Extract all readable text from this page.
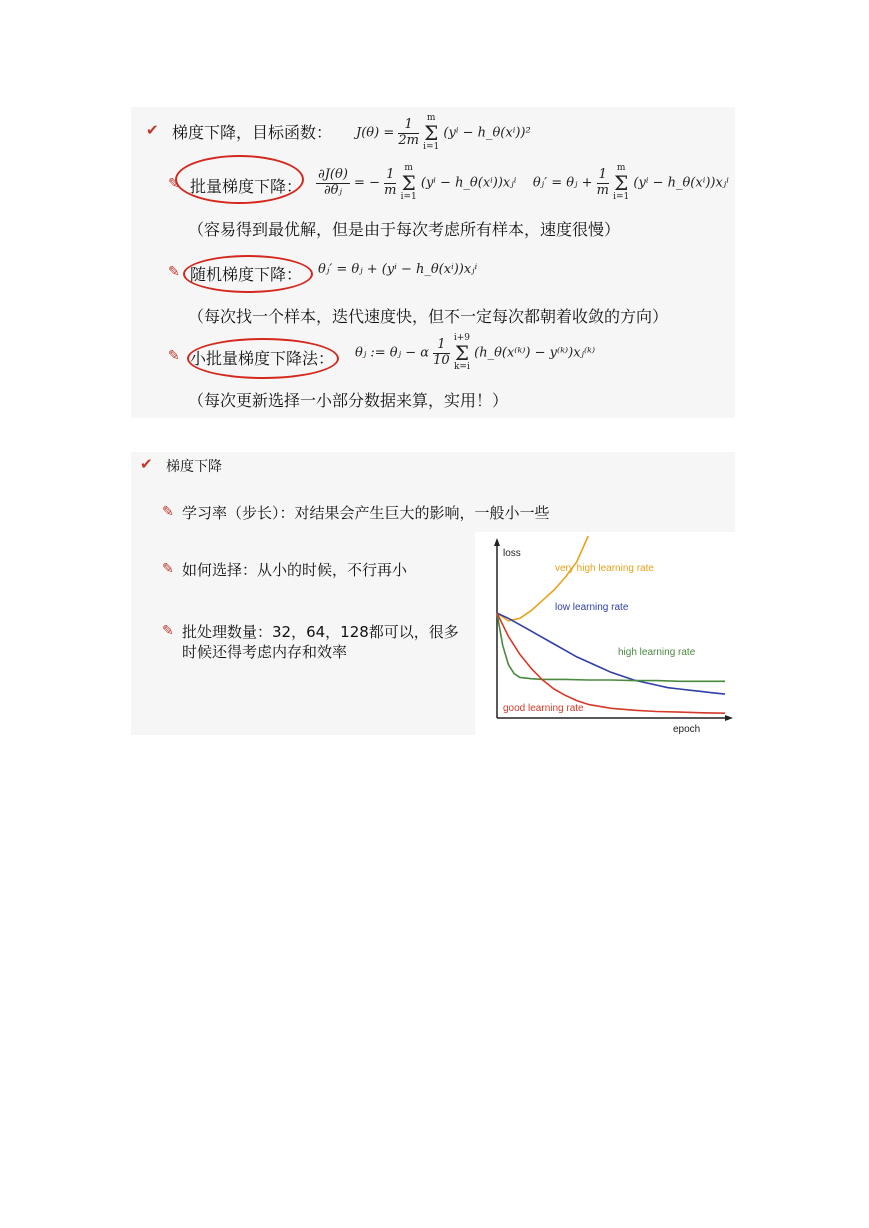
✔ 梯度下降，目标函数： $J(\theta) = \frac{1}{2m}$

m
Σ
i=1
(yⁱ − h_θ(xⁱ))²
✎ 批量梯度下降： $\frac{\partial J(\theta)}{\text{∂θⱼ}}$ = − $\frac{1}{m}$

m
Σ
i=1
(yⁱ − h_θ(xⁱ))xⱼⁱ θⱼ′ = θⱼ + $\frac{1}{m}$

m
Σ
i=1
(yⁱ − h_θ(xⁱ))xⱼⁱ
（容易得到最优解，但是由于每次考虑所有样本，速度很慢）
✎ 随机梯度下降： θⱼ′ = θⱼ + (yⁱ − h_θ(xⁱ))xⱼⁱ
（每次找一个样本，迭代速度快，但不一定每次都朝着收敛的方向）
✎ 小批量梯度下降法： θⱼ := θⱼ − α $\frac{1}{10}$

i+9
Σ
k=i
(h_θ(x⁽ᵏ⁾) − y⁽ᵏ⁾)xⱼ⁽ᵏ⁾
（每次更新选择一小部分数据来算，实用！）
✔ 梯度下降
✎ 学习率（步长）：对结果会产生巨大的影响，一般小一些
✎ 如何选择：从小的时候，不行再小
✎ 批处理数量：32，64，128都可以，很多
时候还得考虑内存和效率
loss
epoch
very high learning rate
low learning rate
high learning rate
good learning rate
